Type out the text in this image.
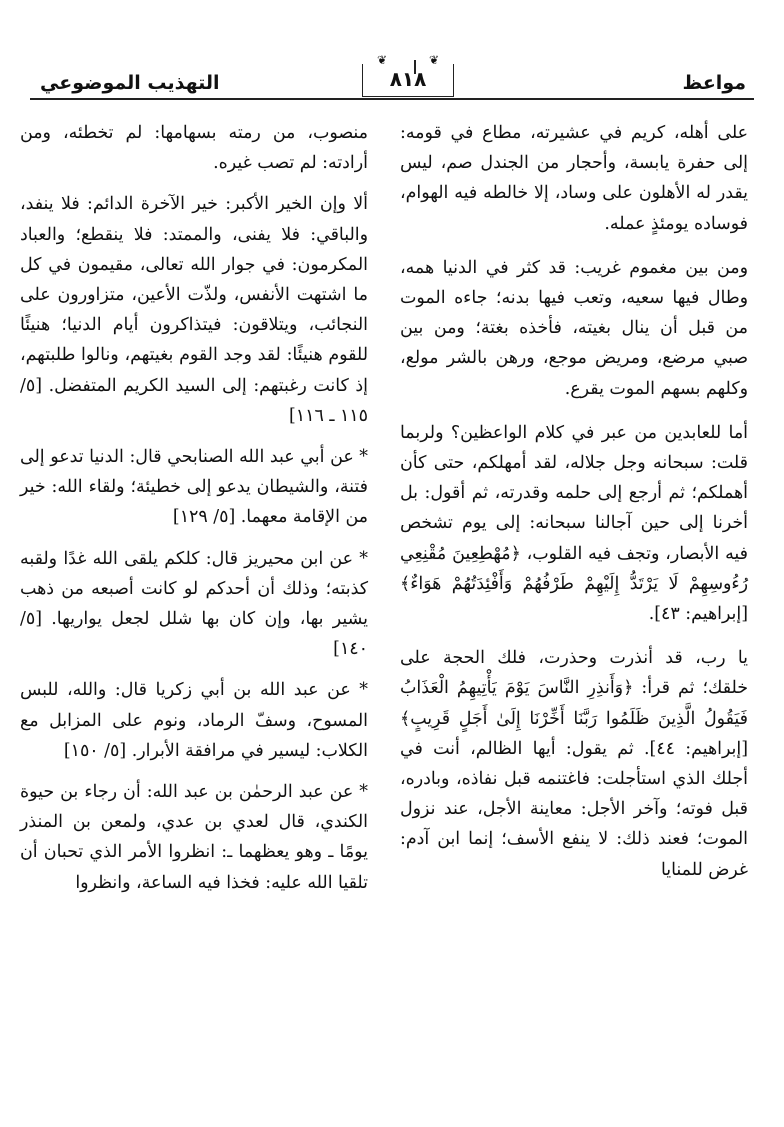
مواعظ
❦	❦
٨١٨
التهذيب الموضوعي

على أهله، كريم في عشيرته، مطاع في قومه: إلى حفرة يابسة، وأحجار من الجندل صم، ليس يقدر له الأهلون على وساد، إلا خالطه فيه الهوام، فوساده يومئذٍ عمله.

ومن بين مغموم غريب: قد كثر في الدنيا همه، وطال فيها سعيه، وتعب فيها بدنه؛ جاءه الموت من قبل أن ينال بغيته، فأخذه بغتة؛ ومن بين صبي مرضع، ومريض موجع، ورهن بالشر مولع، وكلهم بسهم الموت يقرع.

أما للعابدين من عبر في كلام الواعظين؟ ولربما قلت: سبحانه وجل جلاله، لقد أمهلكم، حتى كأن أهملكم؛ ثم أرجع إلى حلمه وقدرته، ثم أقول: بل أخرنا إلى حين آجالنا سبحانه: إلى يوم تشخص فيه الأبصار، وتجف فيه القلوب، ﴿مُهْطِعِينَ مُقْنِعِي رُءُوسِهِمْ لَا يَرْتَدُّ إِلَيْهِمْ طَرْفُهُمْ وَأَفْئِدَتُهُمْ هَوَاءٌ﴾ [إبراهيم: ٤٣].

يا رب، قد أنذرت وحذرت، فلك الحجة على خلقك؛ ثم قرأ: ﴿وَأَنذِرِ النَّاسَ يَوْمَ يَأْتِيهِمُ الْعَذَابُ فَيَقُولُ الَّذِينَ ظَلَمُوا رَبَّنَا أَخِّرْنَا إِلَىٰ أَجَلٍ قَرِيبٍ﴾ [إبراهيم: ٤٤]. ثم يقول: أيها الظالم، أنت في أجلك الذي استأجلت: فاغتنمه قبل نفاذه، وبادره، قبل فوته؛ وآخر الأجل: معاينة الأجل، عند نزول الموت؛ فعند ذلك: لا ينفع الأسف؛ إنما ابن آدم: غرض للمنايا

منصوب، من رمته بسهامها: لم تخطئه، ومن أرادته: لم تصب غيره.

ألا وإن الخير الأكبر: خير الآخرة الدائم: فلا ينفد، والباقي: فلا يفنى، والممتد: فلا ينقطع؛ والعباد المكرمون: في جوار الله تعالى، مقيمون في كل ما اشتهت الأنفس، ولذّت الأعين، متزاورون على النجائب، ويتلاقون: فيتذاكرون أيام الدنيا؛ هنيئًا للقوم هنيئًا: لقد وجد القوم بغيتهم، ونالوا طلبتهم، إذ كانت رغبتهم: إلى السيد الكريم المتفضل. [٥/ ١١٥ ـ ١١٦]

* عن أبي عبد الله الصنابحي قال: الدنيا تدعو إلى فتنة، والشيطان يدعو إلى خطيئة؛ ولقاء الله: خير من الإقامة معهما. [٥/ ١٢٩]

* عن ابن محيريز قال: كلكم يلقى الله غدًا ولقبه كذبته؛ وذلك أن أحدكم لو كانت أصبعه من ذهب يشير بها، وإن كان بها شلل لجعل يواريها. [٥/ ١٤٠]

* عن عبد الله بن أبي زكريا قال: والله، للبس المسوح، وسفّ الرماد، ونوم على المزابل مع الكلاب: ليسير في مرافقة الأبرار. [٥/ ١٥٠]

* عن عبد الرحمٰن بن عبد الله: أن رجاء بن حيوة الكندي، قال لعدي بن عدي، ولمعن بن المنذر يومًا ـ وهو يعظهما ـ: انظروا الأمر الذي تحبان أن تلقيا الله عليه: فخذا فيه الساعة، وانظروا
